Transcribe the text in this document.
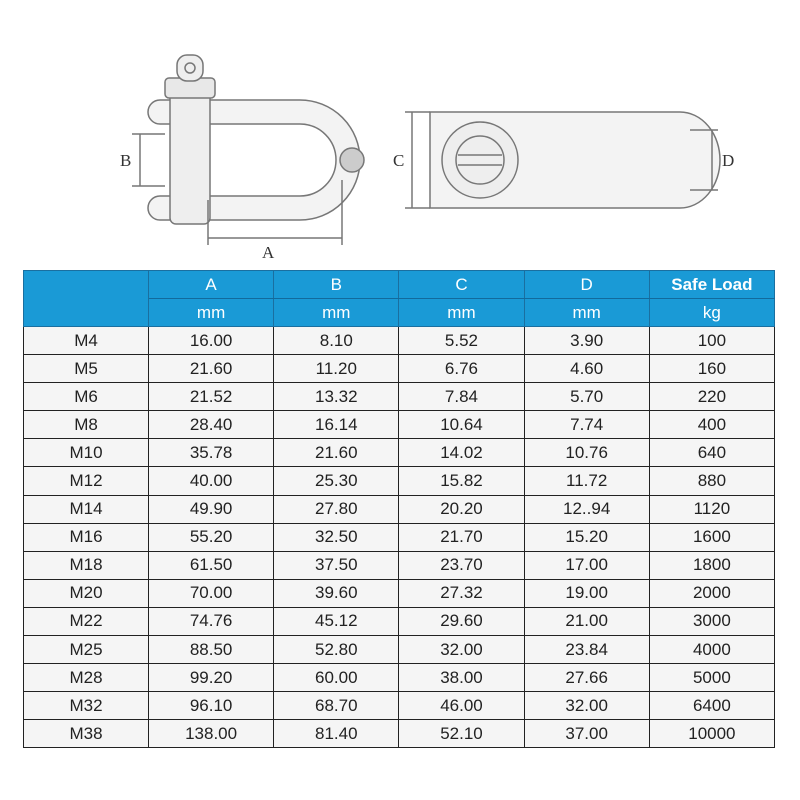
B
A
C	D
	A	B	C	D	Safe Load
	mm	mm	mm	mm	kg
M4	16.00	8.10	5.52	3.90	100
M5	21.60	11.20	6.76	4.60	160
M6	21.52	13.32	7.84	5.70	220
M8	28.40	16.14	10.64	7.74	400
M10	35.78	21.60	14.02	10.76	640
M12	40.00	25.30	15.82	11.72	880
M14	49.90	27.80	20.20	12..94	1120
M16	55.20	32.50	21.70	15.20	1600
M18	61.50	37.50	23.70	17.00	1800
M20	70.00	39.60	27.32	19.00	2000
M22	74.76	45.12	29.60	21.00	3000
M25	88.50	52.80	32.00	23.84	4000
M28	99.20	60.00	38.00	27.66	5000
M32	96.10	68.70	46.00	32.00	6400
M38	138.00	81.40	52.10	37.00	10000
